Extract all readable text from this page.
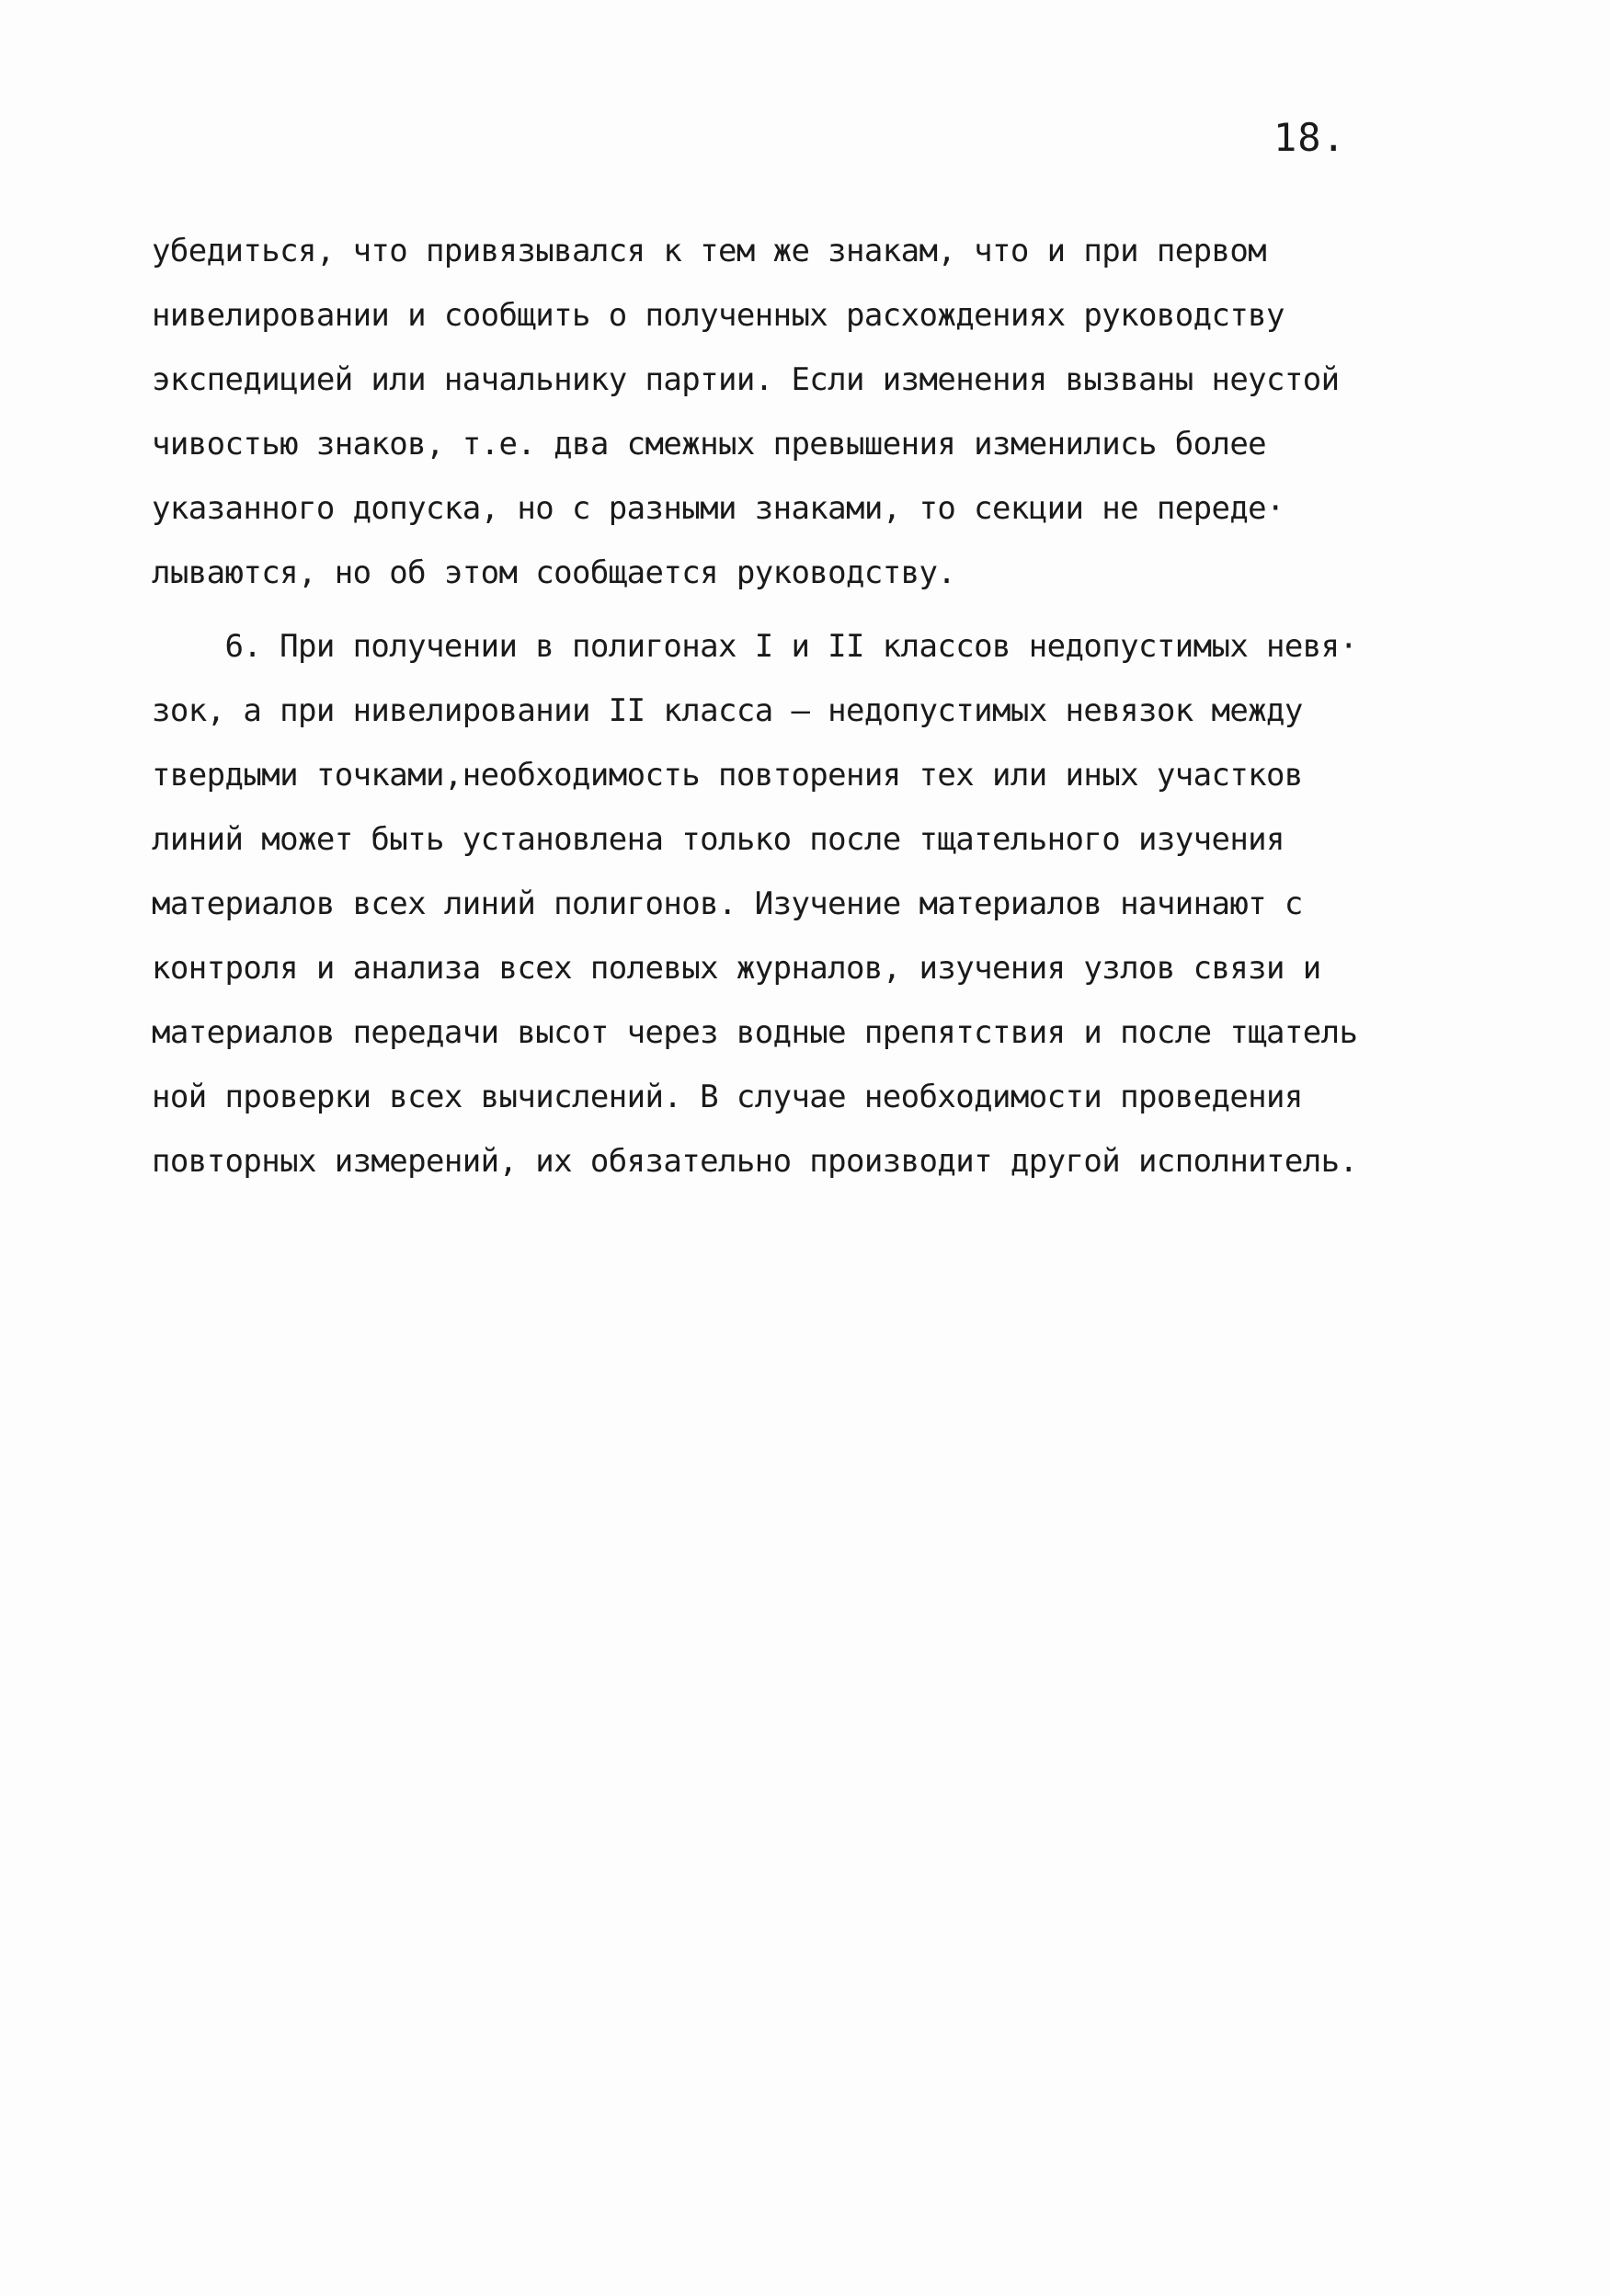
18.
убедиться, что привязывался к тем же знакам, что и при первом
нивелировании и сообщить о полученных расхождениях руководству
экспедицией или начальнику партии. Если изменения вызваны неустой
чивостью знаков, т.е. два смежных превышения изменились более
указанного допуска, но с разными знаками, то секции не переде·
лываются, но об этом сообщается руководству.
6. При получении в полигонах I и II классов недопустимых невя·
зок, а при нивелировании II класса – недопустимых невязок между
твердыми точками,необходимость повторения тех или иных участков
линий может быть установлена только после тщательного изучения
материалов всех линий полигонов. Изучение материалов начинают с
контроля и анализа всех полевых журналов, изучения узлов связи и
материалов передачи высот через водные препятствия и после тщатель
ной проверки всех вычислений. В случае необходимости проведения
повторных измерений, их обязательно производит другой исполнитель.
